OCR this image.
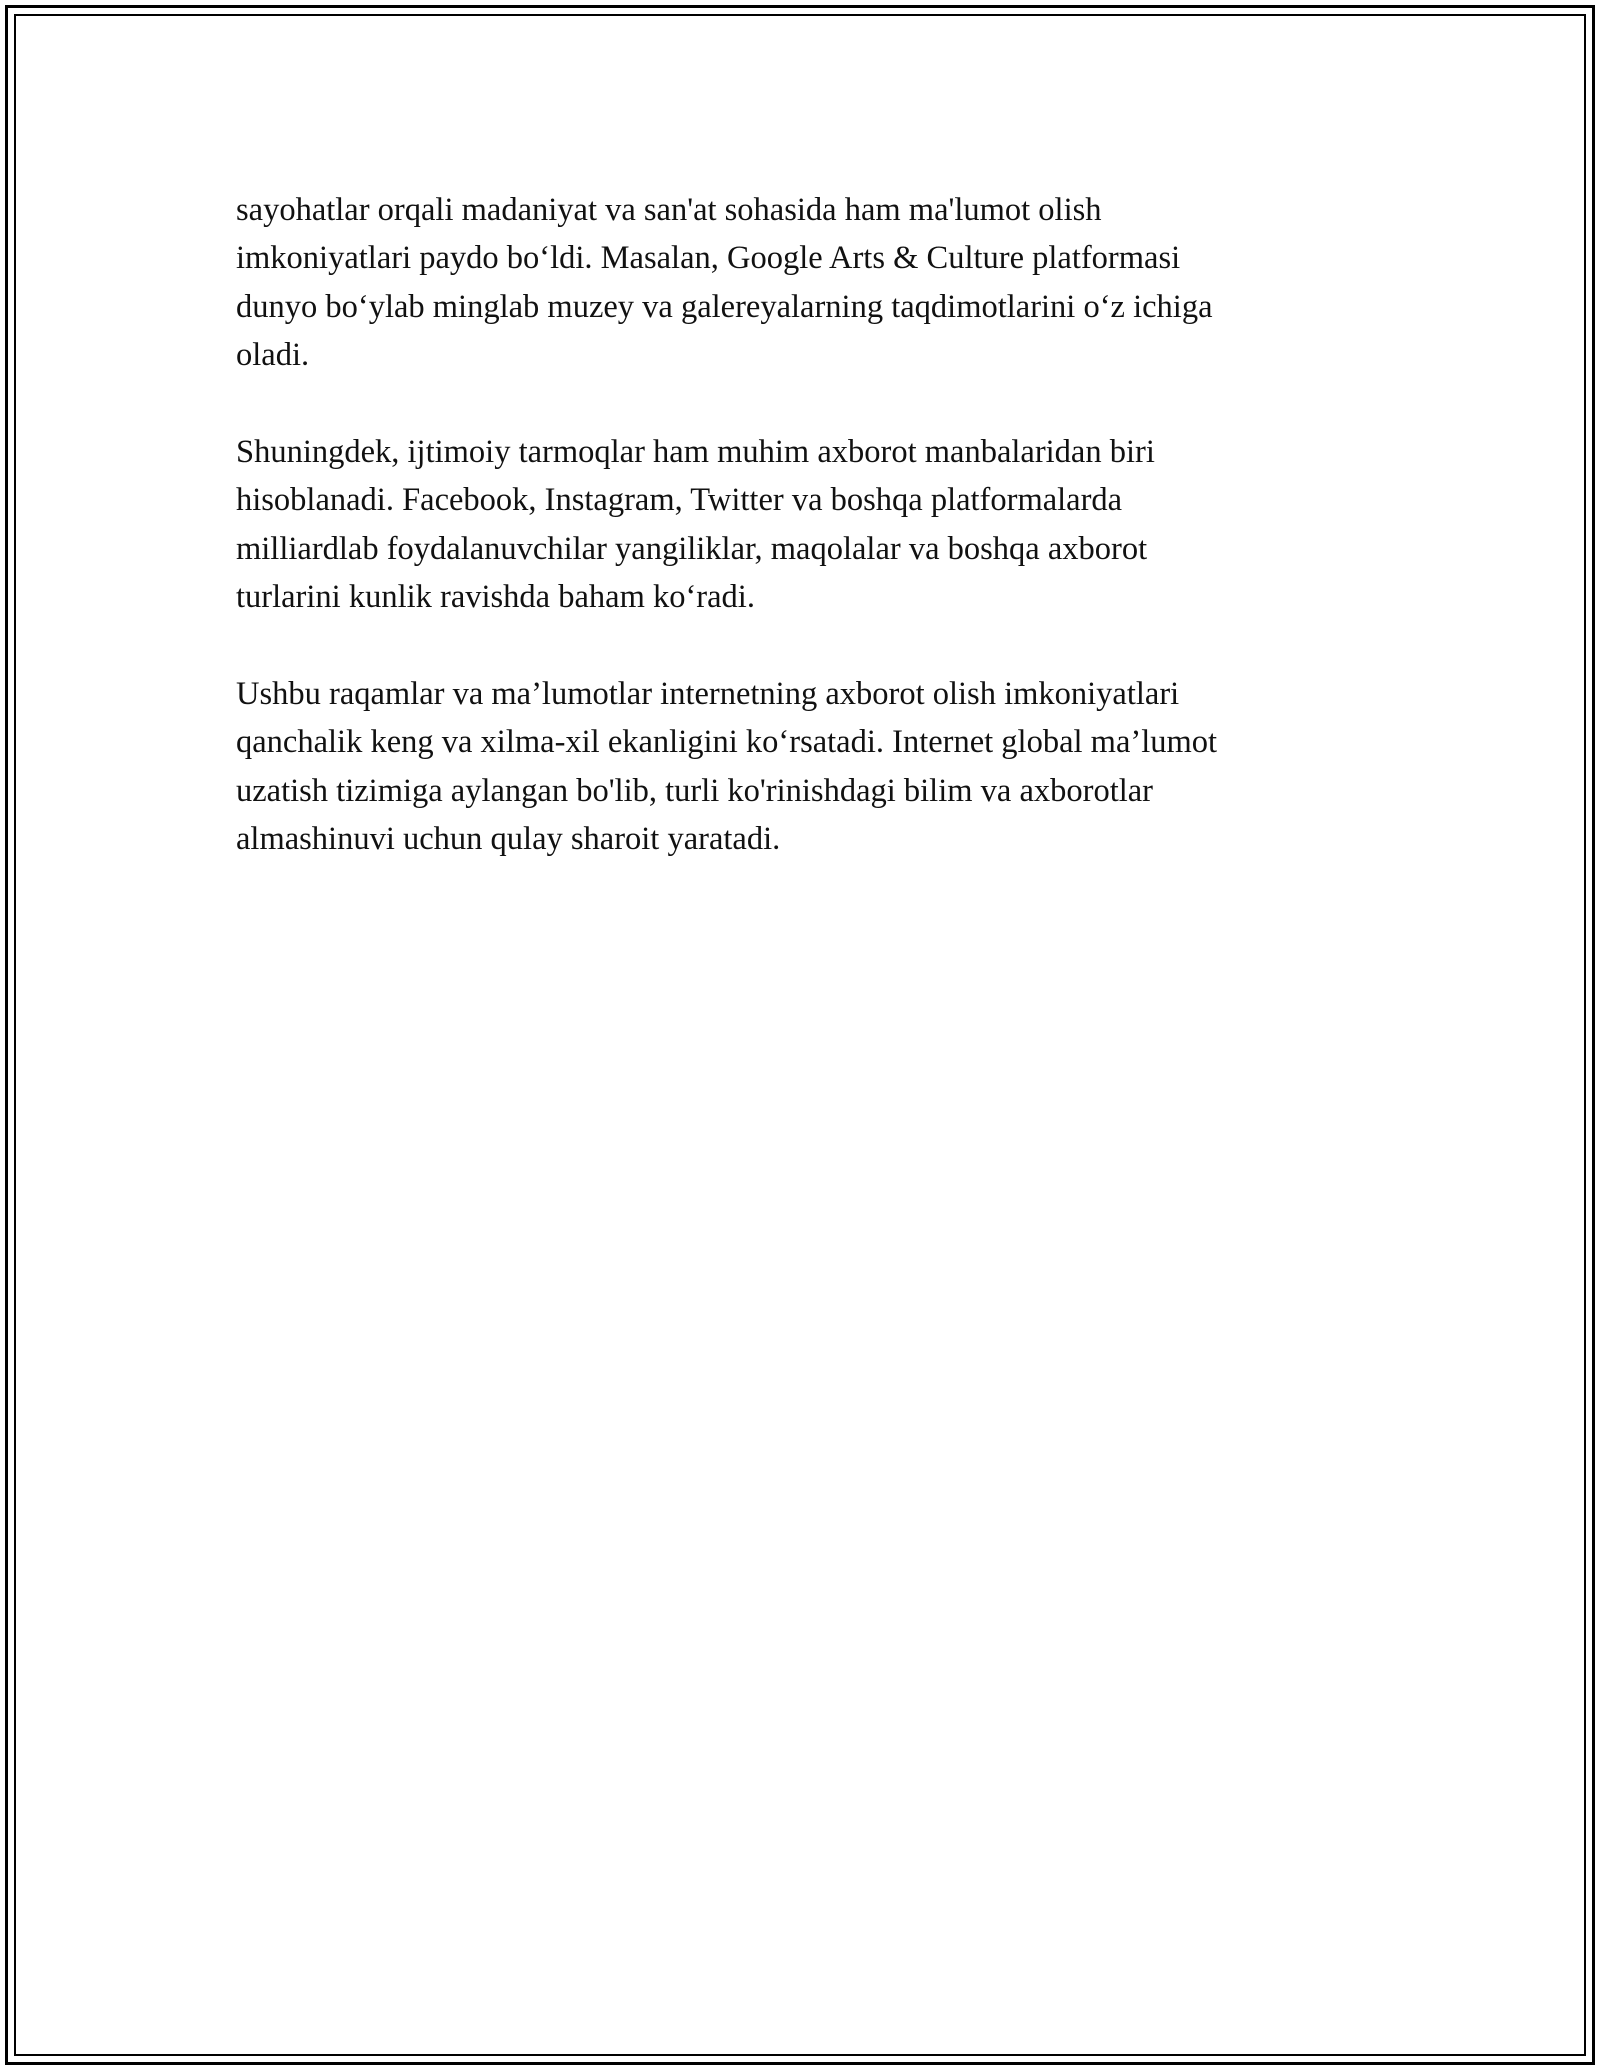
sayohatlar orqali madaniyat va san'at sohasida ham ma'lumot olish
imkoniyatlari paydo bo‘ldi. Masalan, Google Arts & Culture platformasi
dunyo bo‘ylab minglab muzey va galereyalarning taqdimotlarini o‘z ichiga
oladi.

Shuningdek, ijtimoiy tarmoqlar ham muhim axborot manbalaridan biri
hisoblanadi. Facebook, Instagram, Twitter va boshqa platformalarda
milliardlab foydalanuvchilar yangiliklar, maqolalar va boshqa axborot
turlarini kunlik ravishda baham ko‘radi.

Ushbu raqamlar va ma’lumotlar internetning axborot olish imkoniyatlari
qanchalik keng va xilma-xil ekanligini ko‘rsatadi. Internet global ma’lumot
uzatish tizimiga aylangan bo'lib, turli ko'rinishdagi bilim va axborotlar
almashinuvi uchun qulay sharoit yaratadi.
